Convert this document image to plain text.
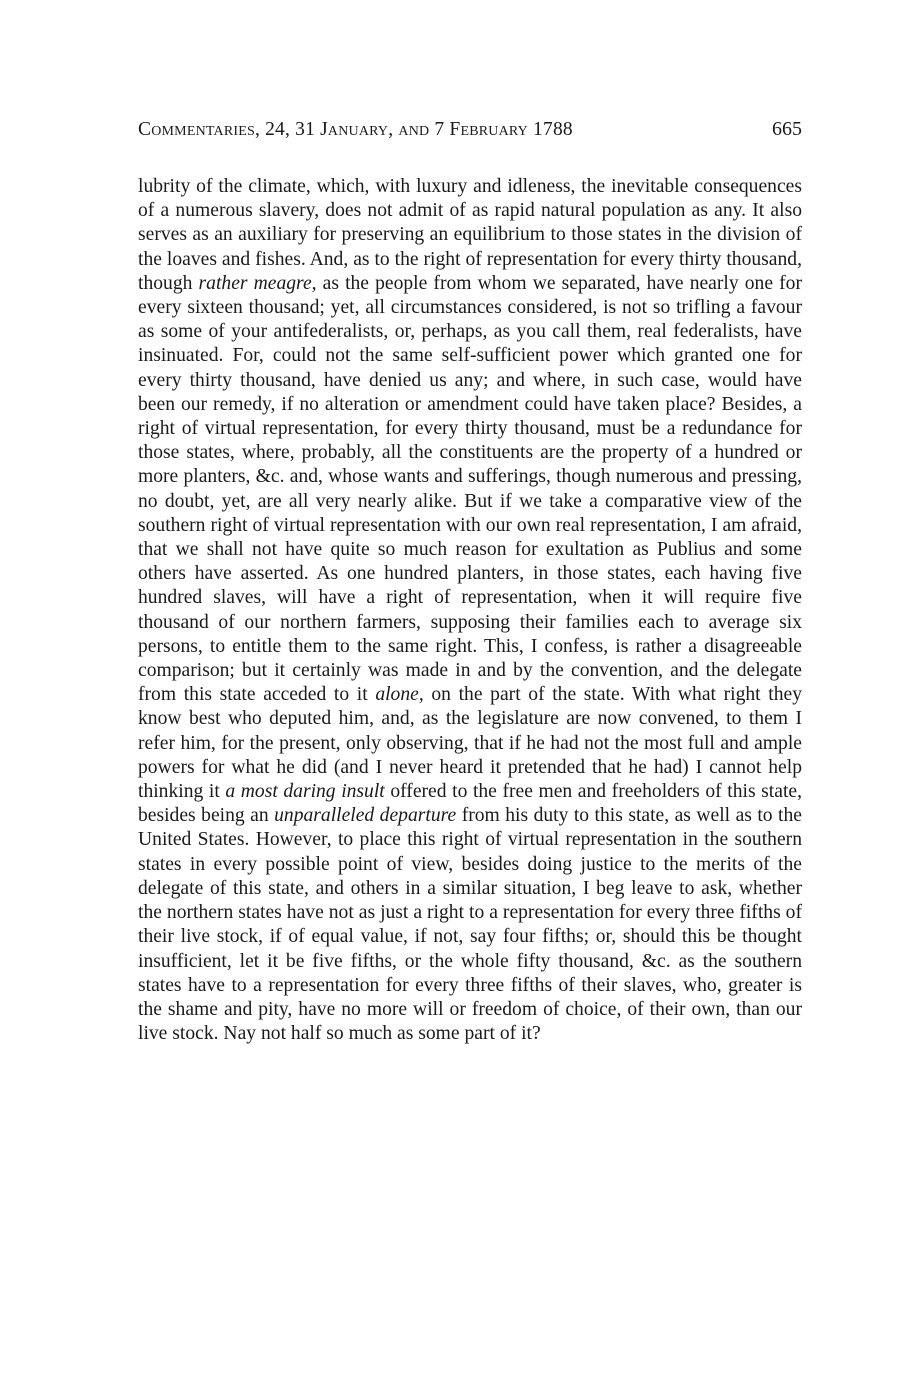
Commentaries, 24, 31 January, and 7 February 1788	665

lubrity of the climate, which, with luxury and idleness, the inevitable consequences of a numerous slavery, does not admit of as rapid natural population as any. It also serves as an auxiliary for preserving an equilibrium to those states in the division of the loaves and fishes. And, as to the right of representation for every thirty thousand, though rather meagre, as the people from whom we separated, have nearly one for every sixteen thousand; yet, all circumstances considered, is not so trifling a favour as some of your antifederalists, or, perhaps, as you call them, real federalists, have insinuated. For, could not the same self-sufficient power which granted one for every thirty thousand, have denied us any; and where, in such case, would have been our remedy, if no alteration or amendment could have taken place? Besides, a right of virtual representation, for every thirty thousand, must be a redundance for those states, where, probably, all the constituents are the property of a hundred or more planters, &c. and, whose wants and sufferings, though numerous and pressing, no doubt, yet, are all very nearly alike. But if we take a comparative view of the southern right of virtual representation with our own real representation, I am afraid, that we shall not have quite so much reason for exultation as Publius and some others have asserted. As one hundred planters, in those states, each having five hundred slaves, will have a right of representation, when it will require five thousand of our northern farmers, supposing their families each to average six persons, to entitle them to the same right. This, I confess, is rather a disagreeable comparison; but it certainly was made in and by the convention, and the delegate from this state acceded to it alone, on the part of the state. With what right they know best who deputed him, and, as the legislature are now convened, to them I refer him, for the present, only observing, that if he had not the most full and ample powers for what he did (and I never heard it pretended that he had) I cannot help thinking it a most daring insult offered to the free men and freeholders of this state, besides being an unparalleled departure from his duty to this state, as well as to the United States. However, to place this right of virtual representation in the southern states in every possible point of view, besides doing justice to the merits of the delegate of this state, and others in a similar situation, I beg leave to ask, whether the northern states have not as just a right to a representation for every three fifths of their live stock, if of equal value, if not, say four fifths; or, should this be thought insufficient, let it be five fifths, or the whole fifty thousand, &c. as the southern states have to a representation for every three fifths of their slaves, who, greater is the shame and pity, have no more will or freedom of choice, of their own, than our live stock. Nay not half so much as some part of it?
